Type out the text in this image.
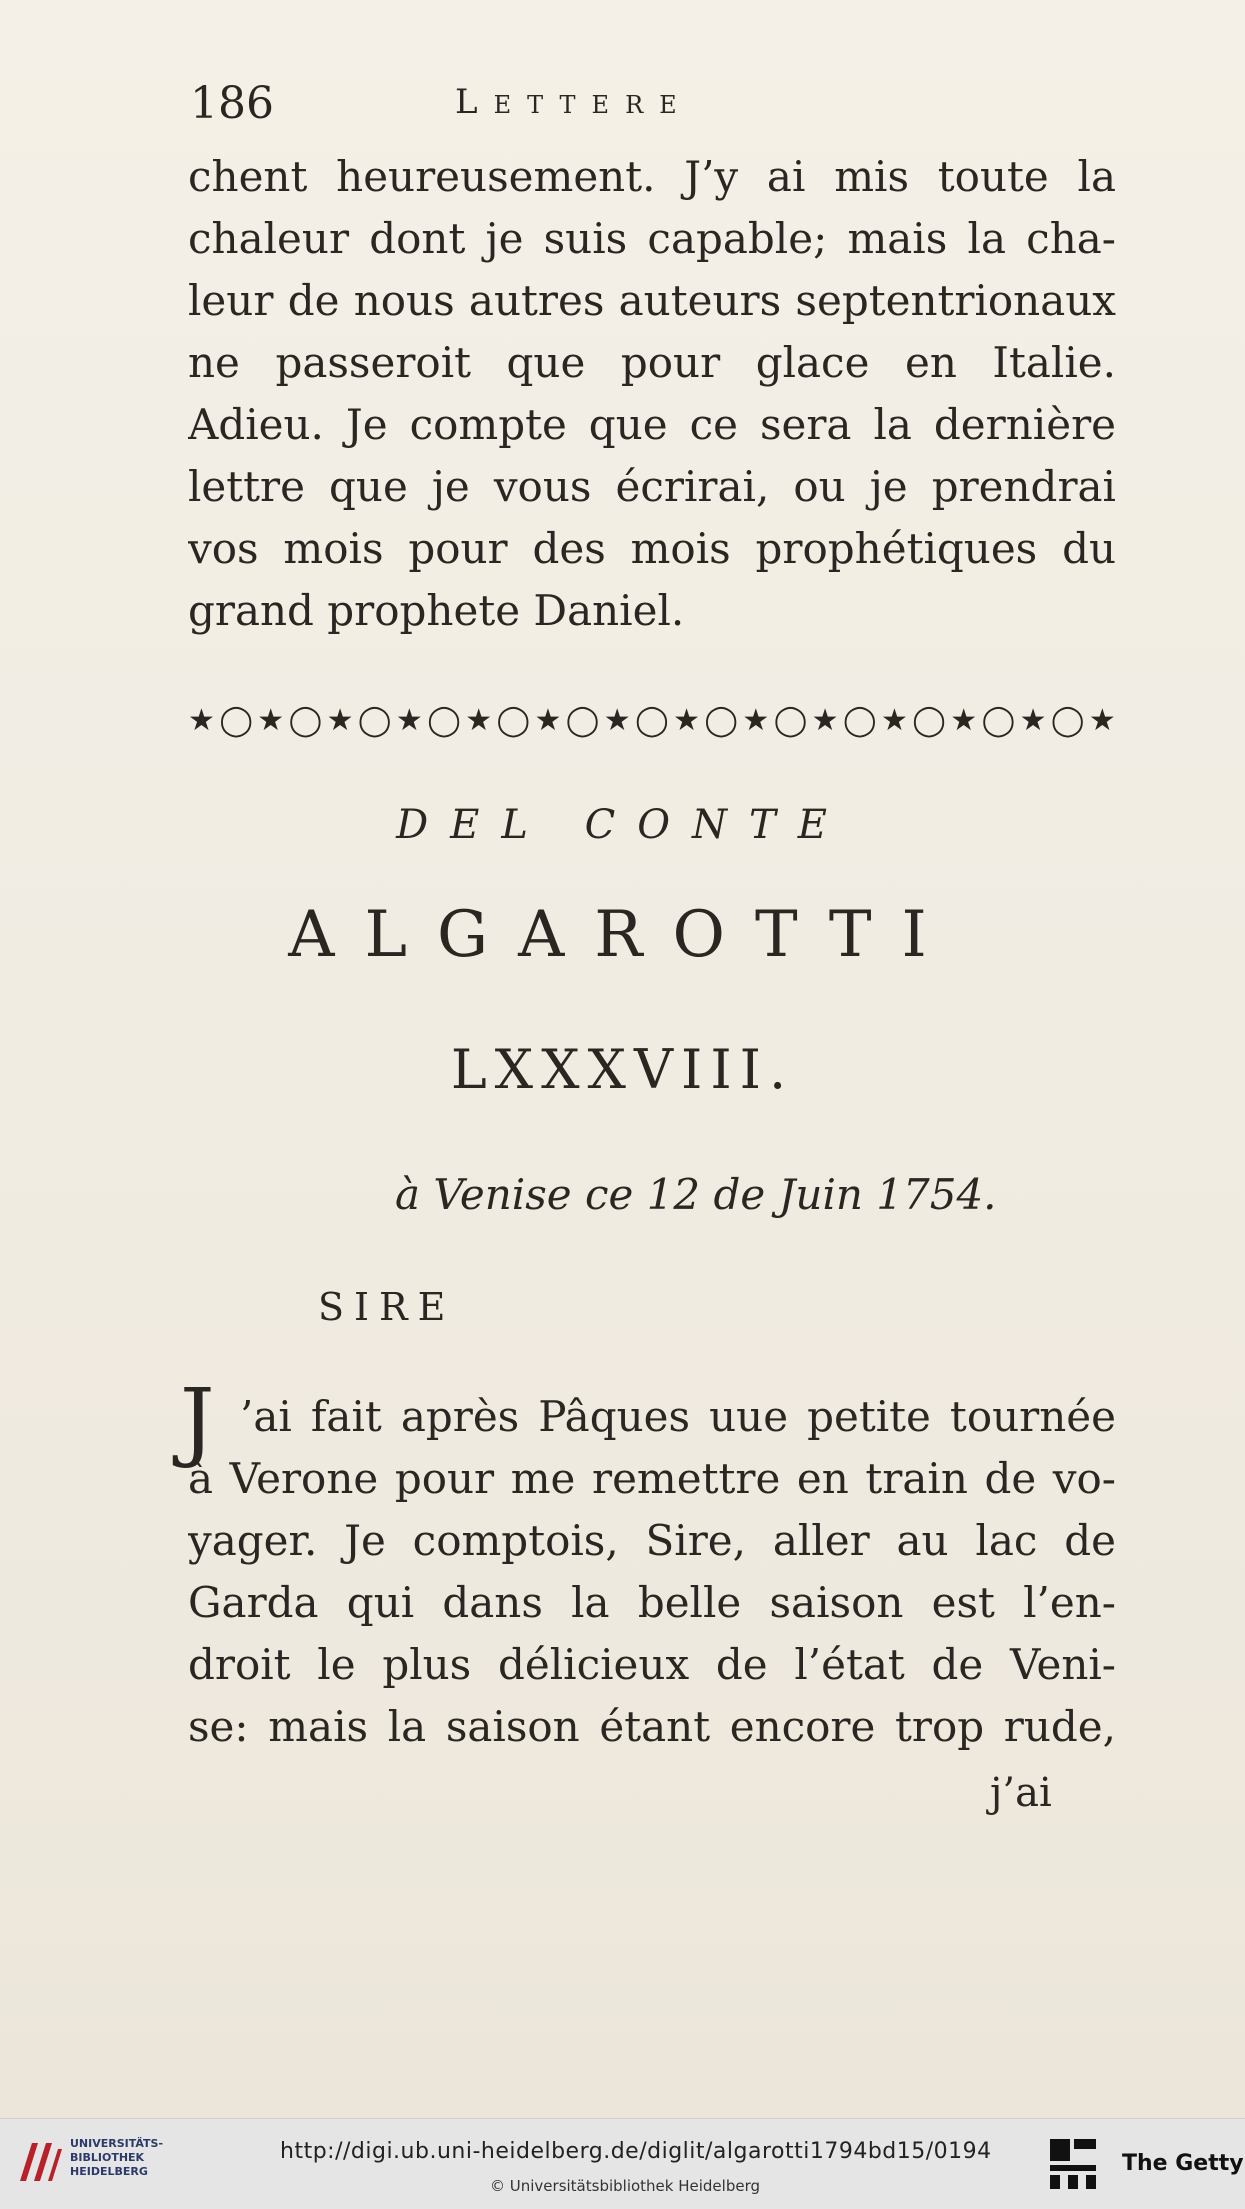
186	Lettere
chent heureusement. J’y ai mis toute la
chaleur dont je suis capable; mais la cha-
leur de nous autres auteurs septentrionaux
ne passeroit que pour glace en Italie.
Adieu. Je compte que ce sera la dernière
lettre que je vous écrirai, ou je prendrai
vos mois pour des mois prophétiques du
grand prophete Daniel.
★ ◯ ★ ◯ ★ ◯ ★ ◯ ★ ◯ ★ ◯ ★ ◯ ★ ◯ ★ ◯ ★ ◯ ★ ◯ ★ ◯ ★ ◯ ★
DEL CONTE
ALGAROTTI
LXXXVIII.
à Venise ce 12 de Juin 1754.
SIRE
J ’ai fait après Pâques uue petite tournée
à Verone pour me remettre en train de vo-
yager. Je comptois, Sire, aller au lac de
Garda qui dans la belle saison est l’en-
droit le plus délicieux de l’état de Veni-
se: mais la saison étant encore trop rude,
j’ai
UNIVERSITÄTS-
BIBLIOTHEK
HEIDELBERG
http://digi.ub.uni-heidelberg.de/diglit/algarotti1794bd15/0194
© Universitätsbibliothek Heidelberg
The Getty
